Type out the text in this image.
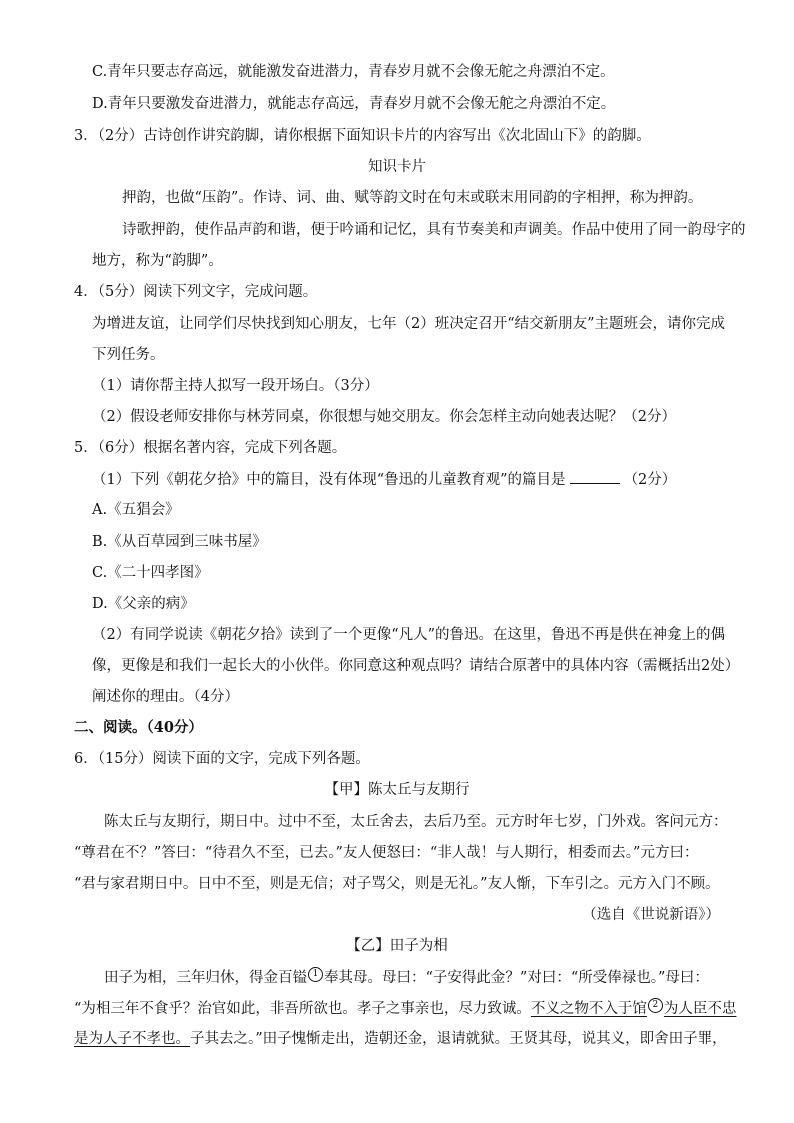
C.青年只要志存高远，就能激发奋进潜力，青春岁月就不会像无舵之舟漂泊不定。
D.青年只要激发奋进潜力，就能志存高远，青春岁月就不会像无舵之舟漂泊不定。
3．（2分）古诗创作讲究韵脚，请你根据下面知识卡片的内容写出《次北固山下》的韵脚。
知识卡片
押韵，也做“压韵”。作诗、词、曲、赋等韵文时在句末或联末用同韵的字相押，称为押韵。
诗歌押韵，使作品声韵和谐，便于吟诵和记忆，具有节奏美和声调美。作品中使用了同一韵母字的
地方，称为“韵脚”。
4．（5分）阅读下列文字，完成问题。
为增进友谊，让同学们尽快找到知心朋友，七年（2）班决定召开“结交新朋友”主题班会，请你完成
下列任务。
（1）请你帮主持人拟写一段开场白。（3分）
（2）假设老师安排你与林芳同桌，你很想与她交朋友。你会怎样主动向她表达呢？（2分）
5．（6分）根据名著内容，完成下列各题。
（1）下列《朝花夕拾》中的篇目，没有体现“鲁迅的儿童教育观”的篇目是	（2分）
A.《五猖会》
B.《从百草园到三味书屋》
C.《二十四孝图》
D.《父亲的病》
（2）有同学说读《朝花夕拾》读到了一个更像“凡人”的鲁迅。在这里，鲁迅不再是供在神龛上的偶
像，更像是和我们一起长大的小伙伴。你同意这种观点吗？请结合原著中的具体内容（需概括出2处）
阐述你的理由。（4分）
二、阅读。（40分）
6．（15分）阅读下面的文字，完成下列各题。
【甲】陈太丘与友期行
陈太丘与友期行，期日中。过中不至，太丘舍去，去后乃至。元方时年七岁，门外戏。客问元方：
“尊君在不？”答曰：“待君久不至，已去。”友人便怒曰：“非人哉！与人期行，相委而去。”元方曰：
“君与家君期日中。日中不至，则是无信；对子骂父，则是无礼。”友人惭，下车引之。元方入门不顾。
（选自《世说新语》）
【乙】田子为相
田子为相，三年归休，得金百镒 1 奉其母。母曰：“子安得此金？”对曰：“所受俸禄也。”母曰：
“为相三年不食乎？治官如此，非吾所欲也。孝子之事亲也，尽力致诚。不义之物不入于馆 2 为人臣不忠
是为人子不孝也。子其去之。”田子愧惭走出，造朝还金，退请就狱。王贤其母，说其义，即舍田子罪，
